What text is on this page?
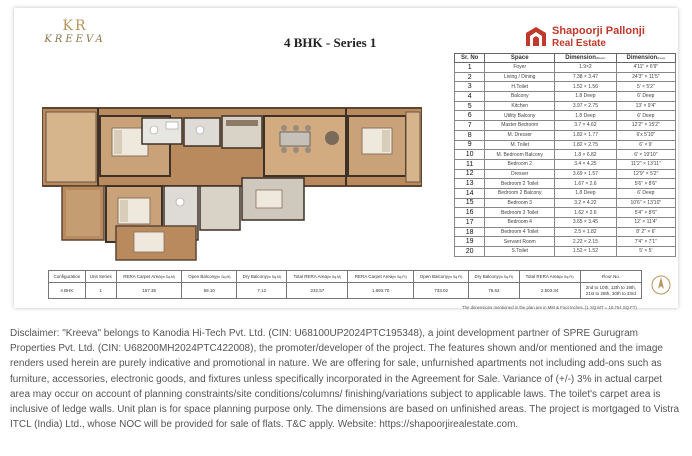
KR
KREEVA	4 BHK - Series 1
Shapoorji Pallonji
Real Estate
Sr. No	Space	Dimension(Meter)	Dimension(Feet)
1	Foyer	1.9×2	4'11" × 6'9"
2	Living / Dining	7.38 × 3.47	24'3" × 11'5"
3	H.Toilet	1.52 × 1.56	5' × 5'2"
4	Balcony	1.8 Deep	6' Deep
5	Kitchen	3.97 × 2.75	13' × 9'4"
6	Utility Balcony	1.8 Deep	6' Deep
7	Master Bedroom	3.7 × 4.62	12'2" × 15'2"
8	M. Dresser	1.82 × 1.77	6'x 5'10"
9	M. Toilet	1.82 × 2.75	6' × 9'
10	M. Bedroom Balcony	1.8 × 6.82	6' × 19'10"
11	Bedroom 2	3.4 × 4.25	11'2" × 13'11"
12	Dresser	3.69 × 1.57	12'9" × 5'2"
13	Bedroom 2 Toilet	1.67 × 2.6	5'6" × 8'6"
14	Bedroom 2 Balcony	1.8 Deep	6' Deep
15	Bedroom 3	3.2 × 4.22	10'6" × 13'10"
16	Bedroom 3 Toilet	1.62 × 2.6	5'4" × 8'6"
17	Bedroom 4	3.65 × 3.45	12' × 11'4"
18	Bedroom 4 Toilet	2.5 × 1.82	8' 2" × 6'
19	Servant Room	2.22 × 2.15	7'4" × 7'1"
20	S.Toilet	1.52 × 1.52	5' × 5'
Configuration	Unit Series	RERA Carpet Area(in Sq.M)	Open Balcony(in Sq.M)	Dry Balcony(in Sq.M)	Total RERA Area(in Sq.M)	RERA Carpet Area(in Sq.Ft)	Open Balcony(in Sq.Ft)	Dry Balcony(in Sq.Ft)	Total RERA Area(in Sq.Ft)	Floor No.
4 BHK	1	157.35	68.10	7.12	232.57	1,693.70	733.02	76.62	2,503.34	2nd to 10th, 12th to 19th,
21st to 28th, 30th to 33rd
The dimensions mentioned in the plan are in MM & Foot Inches. (1 SQ.MT = 10.764 SQ.FT)
Disclaimer: "Kreeva" belongs to Kanodia Hi-Tech Pvt. Ltd. (CIN: U68100UP2024PTC195348), a joint development partner of SPRE Gurugram Properties Pvt. Ltd. (CIN: U68200MH2024PTC422008), the promoter/developer of the project. The features shown and/or mentioned and the image renders used herein are purely indicative and promotional in nature. We are offering for sale, unfurnished apartments not including add-ons such as furniture, accessories, electronic goods, and fixtures unless specifically incorporated in the Agreement for Sale. Variance of (+/-) 3% in actual carpet area may occur on account of planning constraints/site conditions/columns/ finishing/variations subject to applicable laws. The toilet's carpet area is inclusive of ledge walls. Unit plan is for space planning purpose only. The dimensions are based on unfinished areas. The project is mortgaged to Vistra ITCL (India) Ltd., whose NOC will be provided for sale of flats. T&C apply. Website: https://shapoorjirealestate.com.
